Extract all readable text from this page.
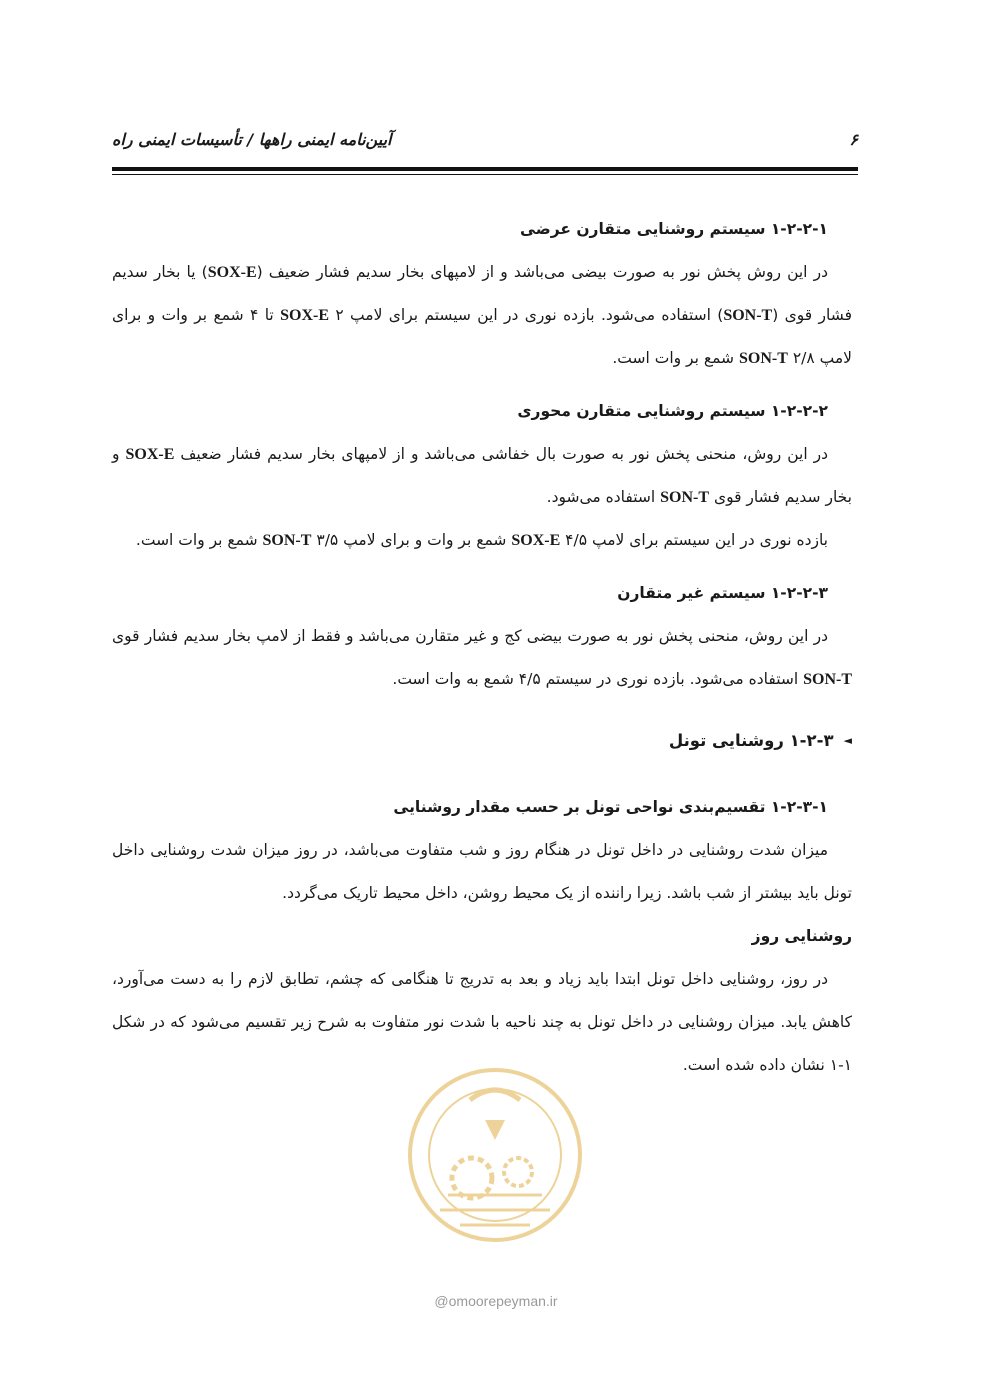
۶
آیین‌نامه ایمنی راهها / تأسیسات ایمنی راه
۱-۲-۲-۱ سیستم روشنایی متقارن عرضی

در این روش پخش نور به صورت بیضی می‌باشد و از لامپهای بخار سدیم فشار ضعیف (SOX-E) یا بخار سدیم فشار قوی (SON-T) استفاده می‌شود. بازده نوری در این سیستم برای لامپ SOX-E ۲ تا ۴ شمع بر وات و برای لامپ SON-T ۲/۸ شمع بر وات است.

۱-۲-۲-۲ سیستم روشنایی متقارن محوری

در این روش، منحنی پخش نور به صورت بال خفاشی می‌باشد و از لامپهای بخار سدیم فشار ضعیف SOX-E و بخار سدیم فشار قوی SON-T استفاده می‌شود.

بازده نوری در این سیستم برای لامپ SOX-E ۴/۵ شمع بر وات و برای لامپ SON-T ۳/۵ شمع بر وات است.

۱-۲-۲-۳ سیستم غیر متقارن

در این روش، منحنی پخش نور به صورت بیضی کج و غیر متقارن می‌باشد و فقط از لامپ بخار سدیم فشار قوی SON-T استفاده می‌شود. بازده نوری در سیستم ۴/۵ شمع به وات است.

◄
۱-۲-۳ روشنایی تونل
۱-۲-۳-۱ تقسیم‌بندی نواحی تونل بر حسب مقدار روشنایی

میزان شدت روشنایی در داخل تونل در هنگام روز و شب متفاوت می‌باشد، در روز میزان شدت روشنایی داخل تونل باید بیشتر از شب باشد. زیرا راننده از یک محیط روشن، داخل محیط تاریک می‌گردد.

روشنایی روز

در روز، روشنایی داخل تونل ابتدا باید زیاد و بعد به تدریج تا هنگامی که چشم، تطابق لازم را به دست می‌آورد، کاهش یابد. میزان روشنایی در داخل تونل به چند ناحیه با شدت نور متفاوت به شرح زیر تقسیم می‌شود که در شکل ۱-۱ نشان داده شده است.

@omoorepeyman.ir
